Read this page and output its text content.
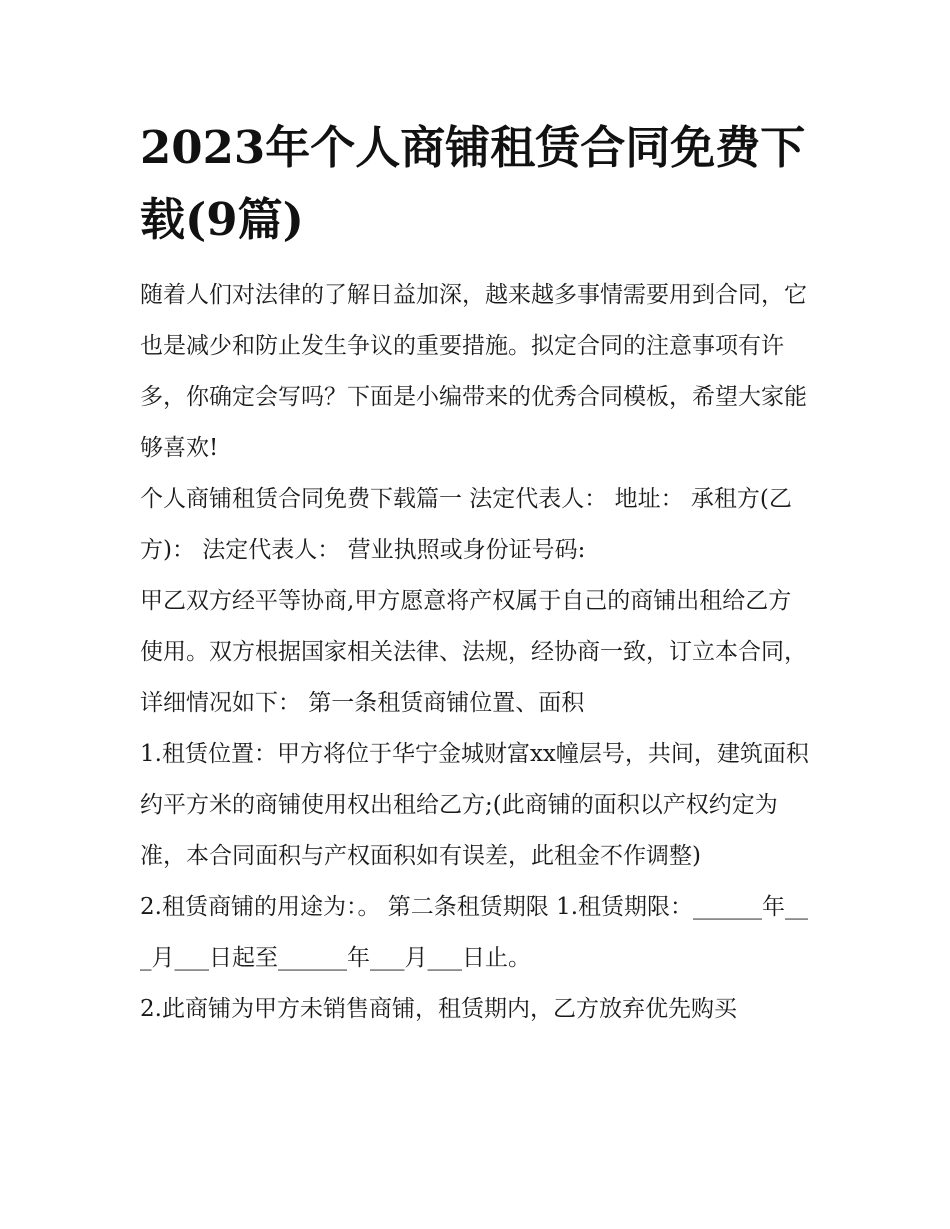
2023年个人商铺租赁合同免费下载(9篇)

随着人们对法律的了解日益加深，越来越多事情需要用到合同，它也是减少和防止发生争议的重要措施。拟定合同的注意事项有许多，你确定会写吗？下面是小编带来的优秀合同模板，希望大家能够喜欢!

个人商铺租赁合同免费下载篇一 法定代表人： 地址： 承租方(乙方)： 法定代表人： 营业执照或身份证号码:

甲乙双方经平等协商,甲方愿意将产权属于自己的商铺出租给乙方使用。双方根据国家相关法律、法规，经协商一致，订立本合同，详细情况如下： 第一条租赁商铺位置、面积

1.租赁位置：甲方将位于华宁金城财富xx幢层号，共间，建筑面积约平方米的商铺使用权出租给乙方;(此商铺的面积以产权约定为准，本合同面积与产权面积如有误差，此租金不作调整)

2.租赁商铺的用途为：。 第二条租赁期限 1.租赁期限：______年___月___日起至______年___月___日止。

2.此商铺为甲方未销售商铺，租赁期内，乙方放弃优先购买
